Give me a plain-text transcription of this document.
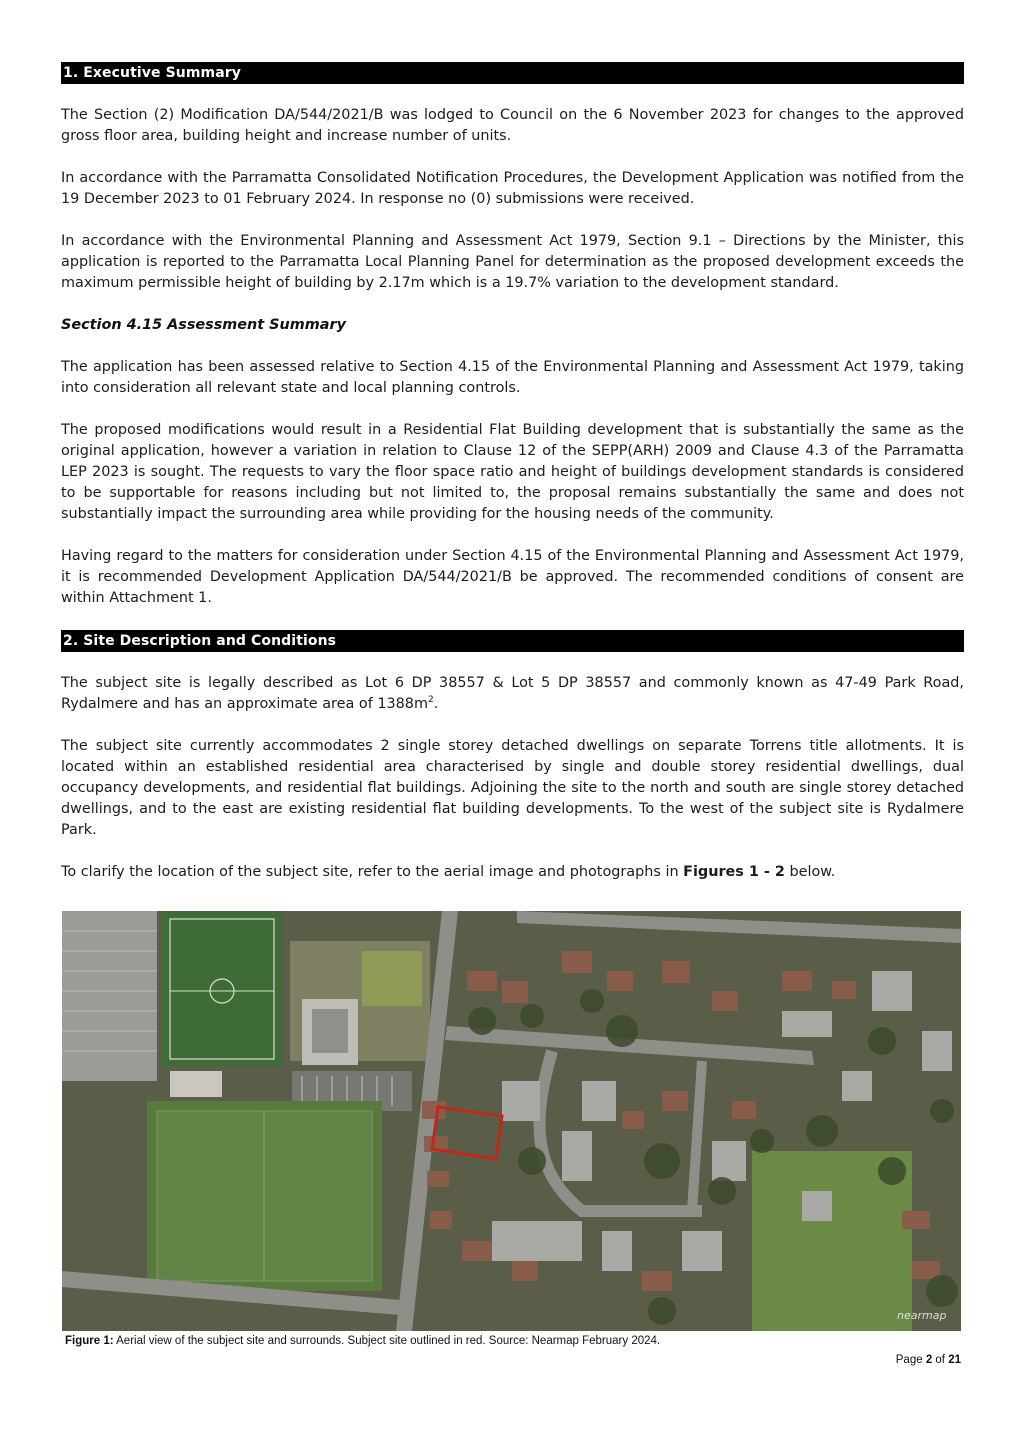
1. Executive Summary

The Section (2) Modification DA/544/2021/B was lodged to Council on the 6 November 2023 for changes to the approved gross floor area, building height and increase number of units.

In accordance with the Parramatta Consolidated Notification Procedures, the Development Application was notified from the 19 December 2023 to 01 February 2024. In response no (0) submissions were received.

In accordance with the Environmental Planning and Assessment Act 1979, Section 9.1 – Directions by the Minister, this application is reported to the Parramatta Local Planning Panel for determination as the proposed development exceeds the maximum permissible height of building by 2.17m which is a 19.7% variation to the development standard.

Section 4.15 Assessment Summary

The application has been assessed relative to Section 4.15 of the Environmental Planning and Assessment Act 1979, taking into consideration all relevant state and local planning controls.

The proposed modifications would result in a Residential Flat Building development that is substantially the same as the original application, however a variation in relation to Clause 12 of the SEPP(ARH) 2009 and Clause 4.3 of the Parramatta LEP 2023 is sought. The requests to vary the floor space ratio and height of buildings development standards is considered to be supportable for reasons including but not limited to, the proposal remains substantially the same and does not substantially impact the surrounding area while providing for the housing needs of the community.

Having regard to the matters for consideration under Section 4.15 of the Environmental Planning and Assessment Act 1979, it is recommended Development Application DA/544/2021/B be approved. The recommended conditions of consent are within Attachment 1.

2. Site Description and Conditions

The subject site is legally described as Lot 6 DP 38557 & Lot 5 DP 38557 and commonly known as 47-49 Park Road, Rydalmere and has an approximate area of $1388m^2$.

The subject site currently accommodates 2 single storey detached dwellings on separate Torrens title allotments. It is located within an established residential area characterised by single and double storey residential dwellings, dual occupancy developments, and residential flat buildings. Adjoining the site to the north and south are single storey detached dwellings, and to the east are existing residential flat building developments. To the west of the subject site is Rydalmere Park.

To clarify the location of the subject site, refer to the aerial image and photographs in Figures 1 - 2 below.

nearmap
Figure 1: Aerial view of the subject site and surrounds. Subject site outlined in red. Source: Nearmap February 2024.
Page 2 of 21
